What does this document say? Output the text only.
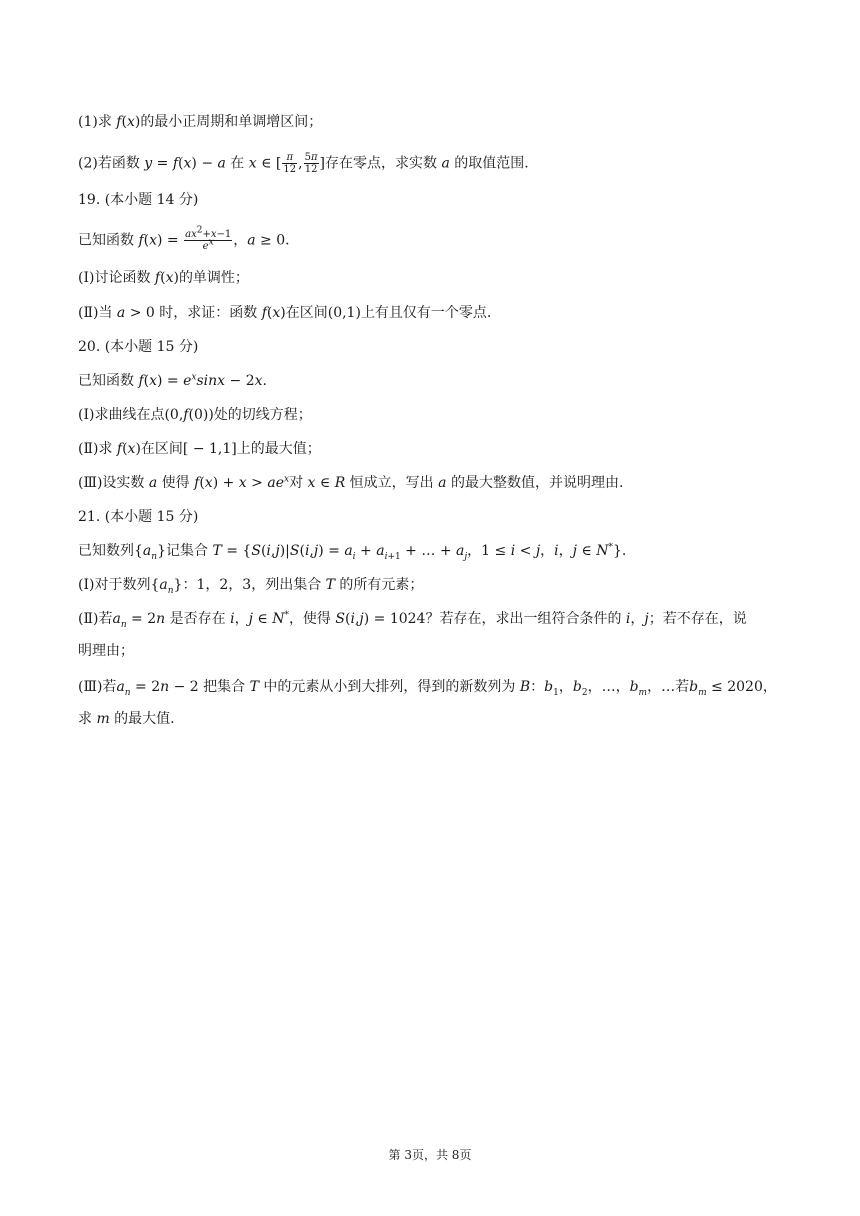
(1)求 f(x)的最小正周期和单调增区间；
(2)若函数 y = f(x) − a 在 x ∈ [ $\frac{\pi}{12}$ , $\frac{5\pi}{12}$ ]存在零点，求实数 a 的取值范围.
19. (本小题 14 分)
已知函数 $f(x) = \frac{ax^2+x-1}{e^x}$ ，a ≥ 0.
(Ⅰ)讨论函数 f(x)的单调性；
(Ⅱ)当 a > 0 时，求证：函数 f(x)在区间(0,1)上有且仅有一个零点.
20. (本小题 15 分)
已知函数 $f(x) = e^x\sin x - 2x$.
(Ⅰ)求曲线在点(0,f(0))处的切线方程；
(Ⅱ)求 f(x)在区间[ − 1,1]上的最大值；
(Ⅲ)设实数 a 使得 $f(x) + x > ae^x$对 x ∈ R 恒成立，写出 a 的最大整数值，并说明理由.
21. (本小题 15 分)
已知数列$\{a_n\}$记集合 $T = \{S(i,j)|S(i,j) = a_i + a_{i+1}$ + … + $a_j$，1 ≤ i < j，i，j ∈ N*}.
(Ⅰ)对于数列$\{a_n\}$：1，2，3，列出集合 T 的所有元素；
(Ⅱ)若$a_n = 2n$ 是否存在 i，j ∈ N*，使得 S(i,j) = 1024？若存在，求出一组符合条件的 i，j；若不存在，说
明理由；
(Ⅲ)若$a_n = 2n - 2$ 把集合 T 中的元素从小到大排列，得到的新数列为 B：$b_1$，$b_2$，…，$b_m$，…若$b_m \le 2020$，
求 m 的最大值.
第 3页，共 8页
